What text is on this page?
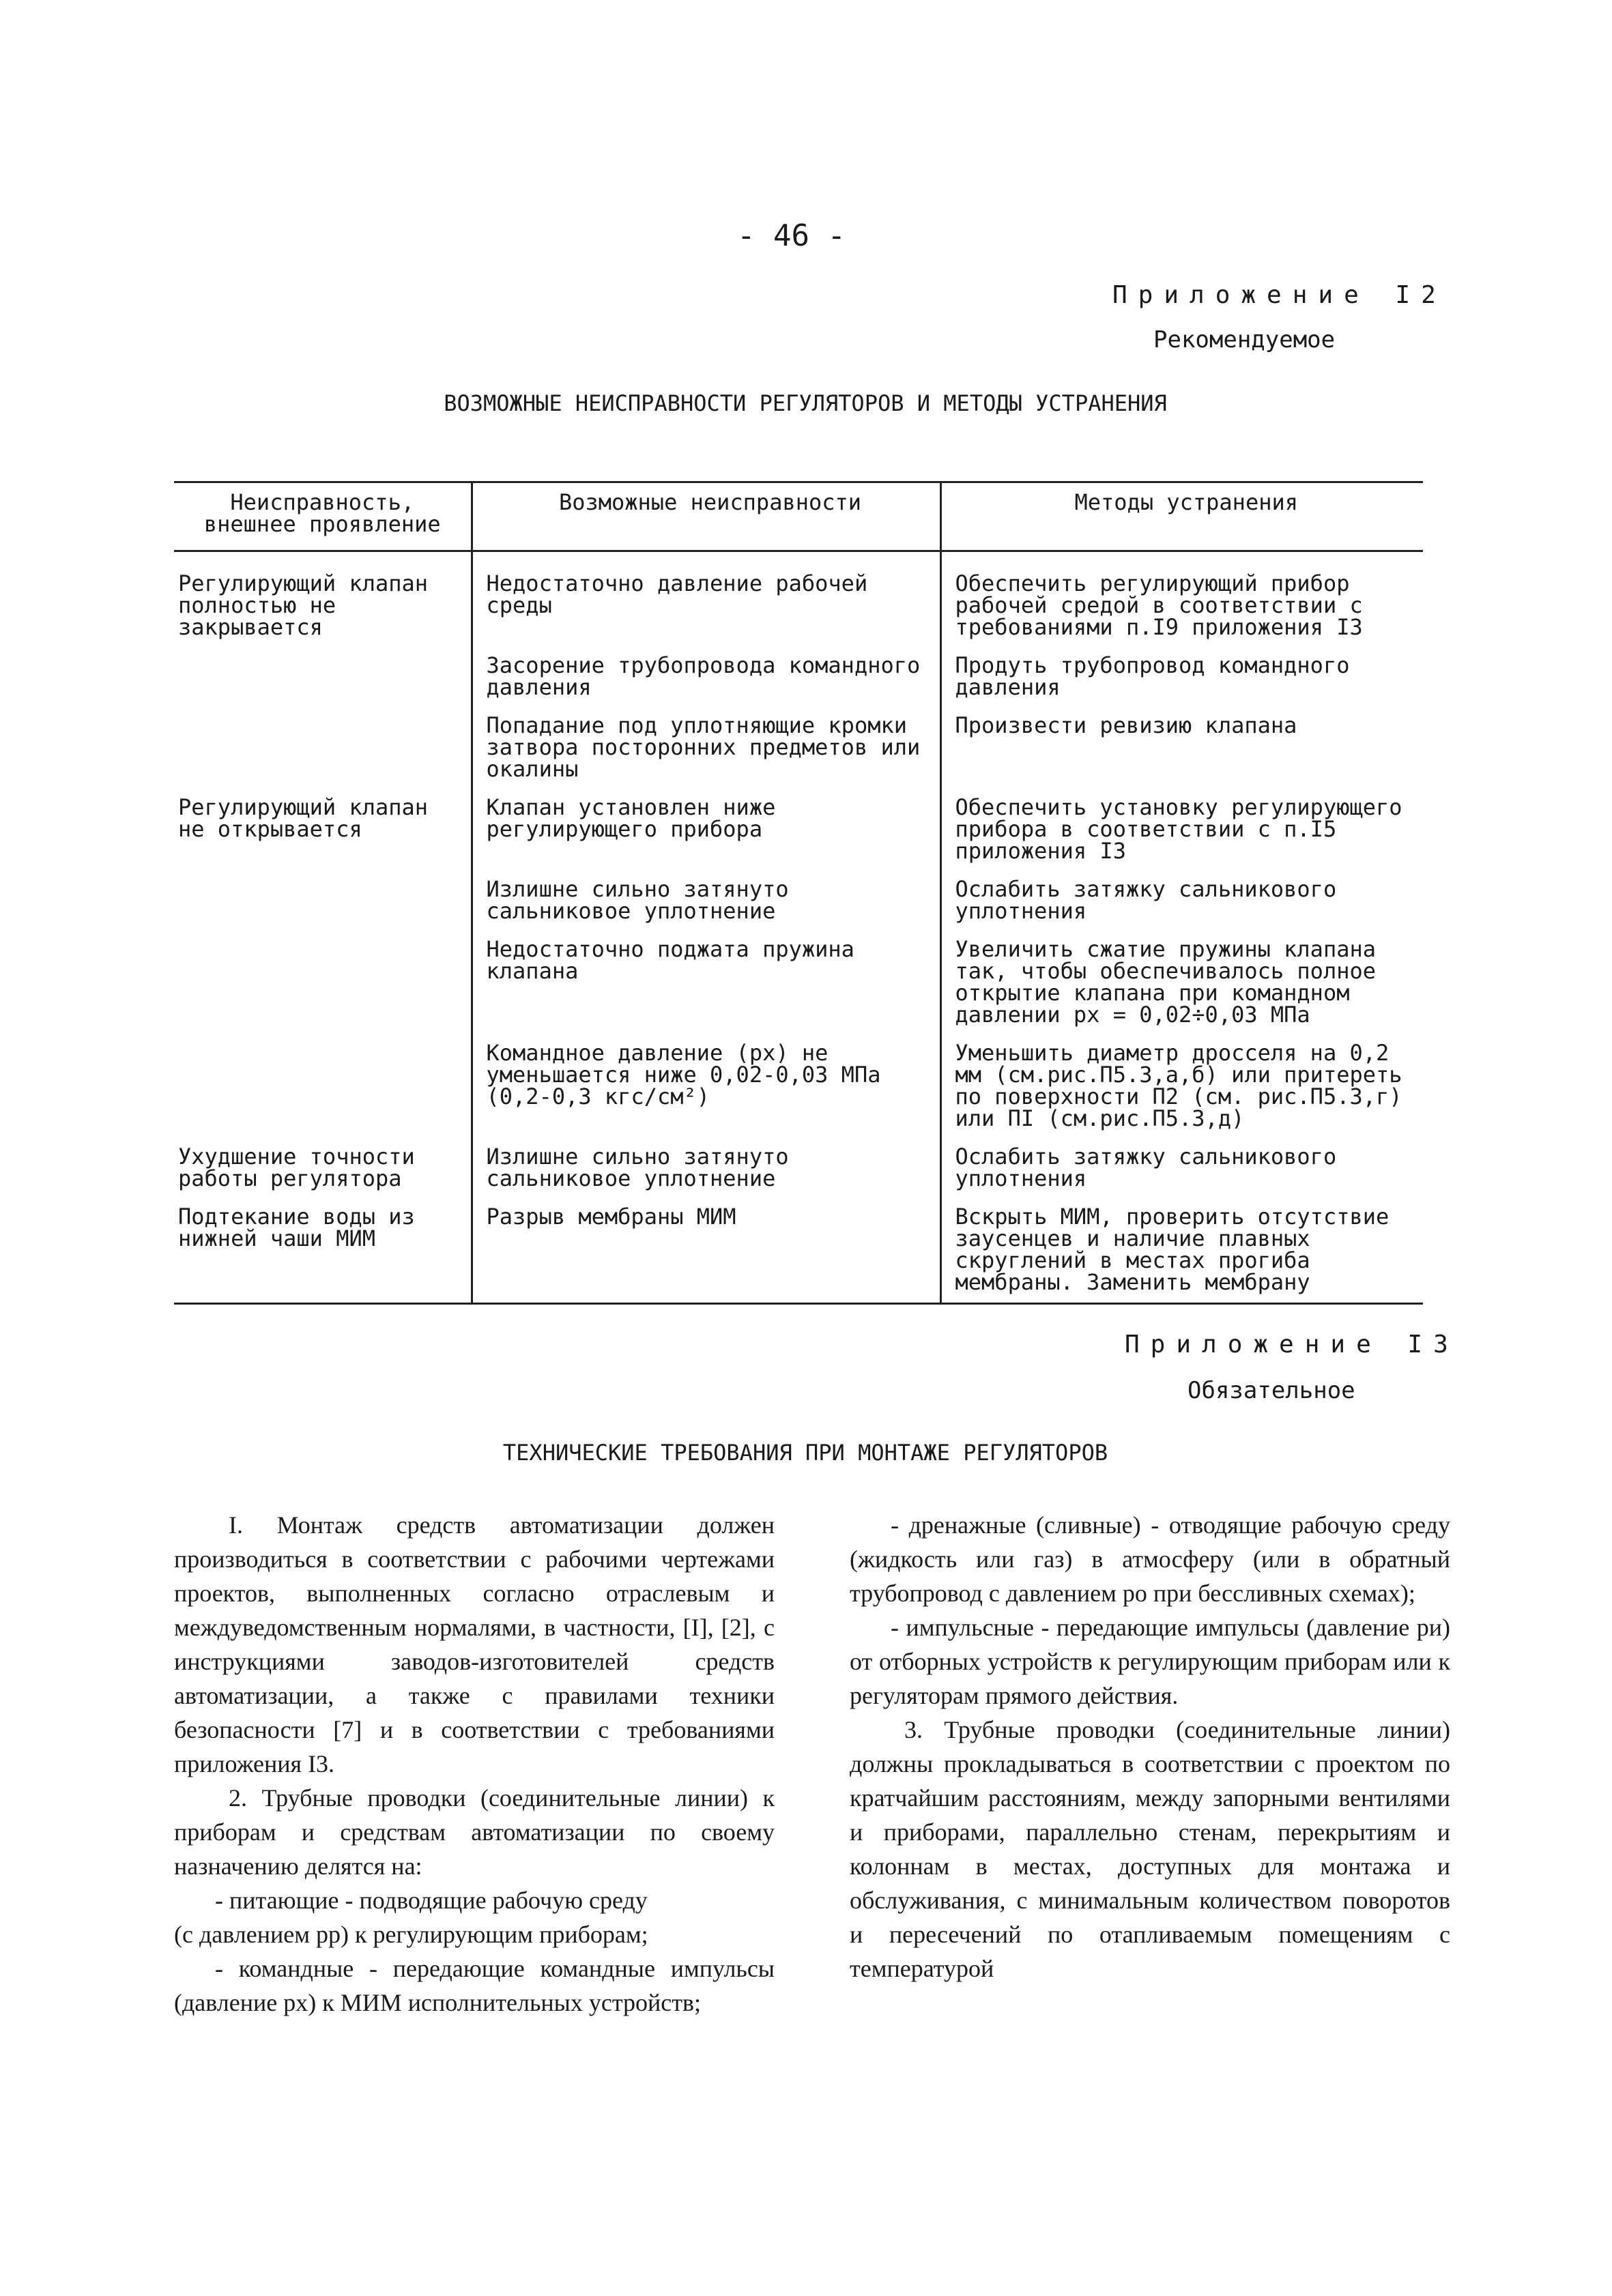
- 46 -
Приложение I2
Рекомендуемое
ВОЗМОЖНЫЕ НЕИСПРАВНОСТИ РЕГУЛЯТОРОВ И МЕТОДЫ УСТРАНЕНИЯ
Неисправность, внешнее проявление	Возможные неисправности	Методы устранения
Регулирующий клапан полностью не закрывается	Недостаточно давление рабочей среды	Обеспечить регулирующий прибор рабочей средой в соответствии с требованиями п.I9 приложения I3
	Засорение трубопровода командного давления	Продуть трубопровод командного давления
	Попадание под уплотняющие кромки затвора посторонних предметов или окалины	Произвести ревизию клапана
Регулирующий клапан не открывается	Клапан установлен ниже регулирующего прибора	Обеспечить установку регулирующего прибора в соответствии с п.I5 приложения I3
	Излишне сильно затянуто сальниковое уплотнение	Ослабить затяжку сальникового уплотнения
	Недостаточно поджата пружина клапана	Увеличить сжатие пружины клапана так, чтобы обеспечивалось полное открытие клапана при командном давлении pх = 0,02÷0,03 МПа
	Командное давление (pх) не уменьшается ниже 0,02-0,03 МПа (0,2-0,3 кгс/см²)	Уменьшить диаметр дросселя на 0,2 мм (см.рис.П5.3,а,б) или притереть по поверхности П2 (см. рис.П5.3,г) или ПI (см.рис.П5.3,д)
Ухудшение точности работы регулятора	Излишне сильно затянуто сальниковое уплотнение	Ослабить затяжку сальникового уплотнения
Подтекание воды из нижней чаши МИМ	Разрыв мембраны МИМ	Вскрыть МИМ, проверить отсутствие заусенцев и наличие плавных скруглений в местах прогиба мембраны. Заменить мембрану
Приложение I3
Обязательное
ТЕХНИЧЕСКИЕ ТРЕБОВАНИЯ ПРИ МОНТАЖЕ РЕГУЛЯТОРОВ

I. Монтаж средств автоматизации должен производиться в соответствии с рабочими чертежами проектов, выполненных согласно отраслевым и междуведомственным нормалями, в частности, [I], [2], с инструкциями заводов-изготовителей средств автоматизации, а также с правилами техники безопасности [7] и в соответствии с требованиями приложения I3.

2. Трубные проводки (соединительные линии) к приборам и средствам автоматизации по своему назначению делятся на:

- питающие - подводящие рабочую среду

(с давлением pр) к регулирующим приборам;

- командные - передающие командные импульсы (давление pх) к МИМ исполнительных устройств;

- дренажные (сливные) - отводящие рабочую среду (жидкость или газ) в атмосферу (или в обратный трубопровод с давлением pо при бессливных схемах);

- импульсные - передающие импульсы (давление pи) от отборных устройств к регулирующим приборам или к регуляторам прямого действия.

3. Трубные проводки (соединительные линии) должны прокладываться в соответствии с проектом по кратчайшим расстояниям, между запорными вентилями и приборами, параллельно стенам, перекрытиям и колоннам в местах, доступных для монтажа и обслуживания, с минимальным количеством поворотов и пересечений по отапливаемым помещениям с температурой
